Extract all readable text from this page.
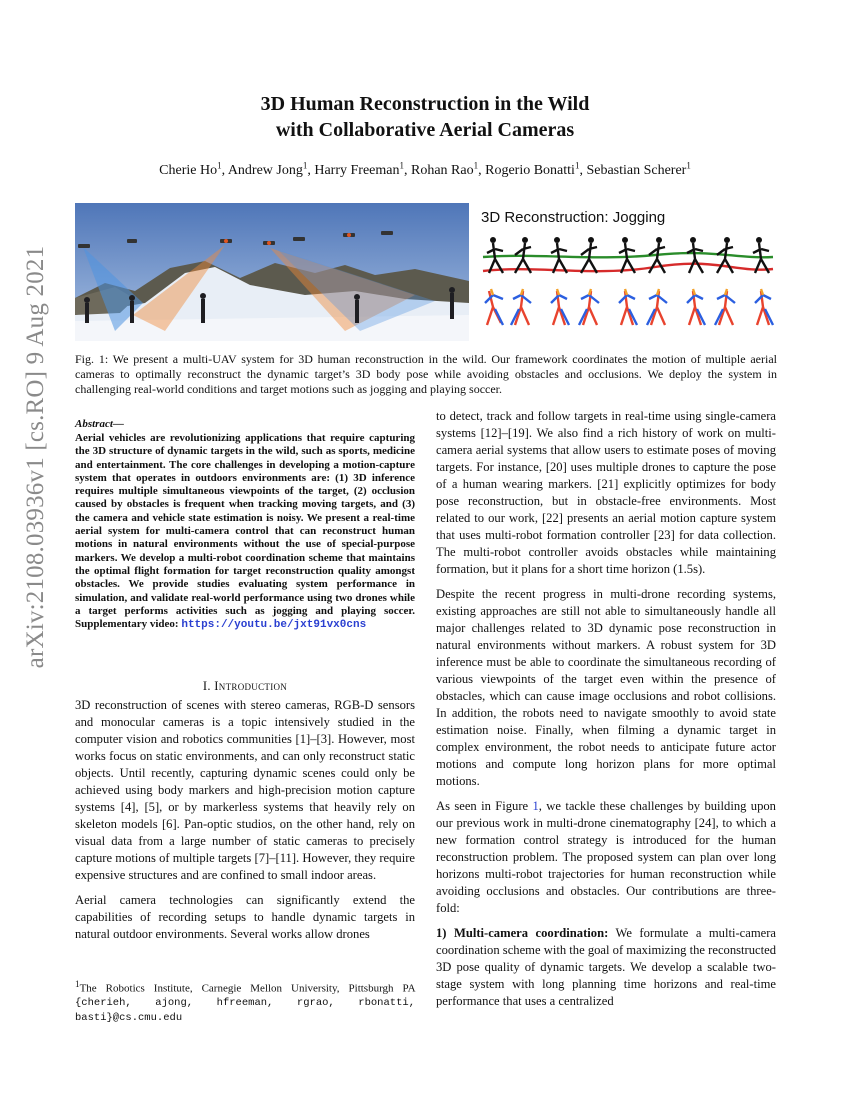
3D Human Reconstruction in the Wild
with Collaborative Aerial Cameras
Cherie Ho$^1$, Andrew Jong$^1$, Harry Freeman$^1$, Rohan Rao$^1$, Rogerio Bonatti$^1$, Sebastian Scherer$^1$
arXiv:2108.03936v1 [cs.RO] 9 Aug 2021
3D Reconstruction: Jogging
Fig. 1: We present a multi-UAV system for 3D human reconstruction in the wild. Our framework coordinates the motion of multiple aerial cameras to optimally reconstruct the dynamic target’s 3D body pose while avoiding obstacles and occlusions. We deploy the system in challenging real-world conditions and target motions such as jogging and playing soccer.
Abstract—
Aerial vehicles are revolutionizing applications that require capturing the 3D structure of dynamic targets in the wild, such as sports, medicine and entertainment. The core challenges in developing a motion-capture system that operates in outdoors environments are: (1) 3D inference requires multiple simultaneous viewpoints of the target, (2) occlusion caused by obstacles is frequent when tracking moving targets, and (3) the camera and vehicle state estimation is noisy. We present a real-time aerial system for multi-camera control that can reconstruct human motions in natural environments without the use of special-purpose markers. We develop a multi-robot coordination scheme that maintains the optimal flight formation for target reconstruction quality amongst obstacles. We provide studies evaluating system performance in simulation, and validate real-world performance using two drones while a target performs activities such as jogging and playing soccer. Supplementary video: https://youtu.be/jxt91vx0cns
I. Introduction

3D reconstruction of scenes with stereo cameras, RGB-D sensors and monocular cameras is a topic intensively studied in the computer vision and robotics communities [1]–[3]. However, most works focus on static environments, and can only reconstruct static objects. Until recently, capturing dynamic scenes could only be achieved using body markers and high-precision motion capture systems [4], [5], or by markerless systems that heavily rely on skeleton models [6]. Pan-optic studios, on the other hand, rely on visual data from a large number of static cameras to precisely capture motions of multiple targets [7]–[11]. However, they require expensive structures and are confined to small indoor areas.

Aerial camera technologies can significantly extend the capabilities of recording setups to handle dynamic targets in natural outdoor environments. Several works allow drones

$^1$The Robotics Institute, Carnegie Mellon University, Pittsburgh PA {cherieh, ajong, hfreeman, rgrao, rbonatti, basti}@cs.cmu.edu

to detect, track and follow targets in real-time using single-camera systems [12]–[19]. We also find a rich history of work on multi-camera aerial systems that allow users to estimate poses of moving targets. For instance, [20] uses multiple drones to capture the pose of a human wearing markers. [21] explicitly optimizes for body pose reconstruction, but in obstacle-free environments. Most related to our work, [22] presents an aerial motion capture system that uses multi-robot formation controller [23] for data collection. The multi-robot controller avoids obstacles while maintaining formation, but it plans for a short time horizon (1.5s).

Despite the recent progress in multi-drone recording systems, existing approaches are still not able to simultaneously handle all major challenges related to 3D dynamic pose reconstruction in natural environments without markers. A robust system for 3D inference must be able to coordinate the simultaneous recording of various viewpoints of the target even within the presence of obstacles, which can cause image occlusions and robot collisions. In addition, the robots need to navigate smoothly to avoid state estimation noise. Finally, when filming a dynamic target in complex environment, the robot needs to anticipate future actor motions and compute long horizon plans for more optimal motions.

As seen in Figure 1, we tackle these challenges by building upon our previous work in multi-drone cinematography [24], to which a new formation control strategy is introduced for the human reconstruction problem. The proposed system can plan over long horizons multi-robot trajectories for human reconstruction while avoiding occlusions and obstacles. Our contributions are three-fold:

1) Multi-camera coordination: We formulate a multi-camera coordination scheme with the goal of maximizing the reconstructed 3D pose quality of dynamic targets. We develop a scalable two-stage system with long planning time horizons and real-time performance that uses a centralized
